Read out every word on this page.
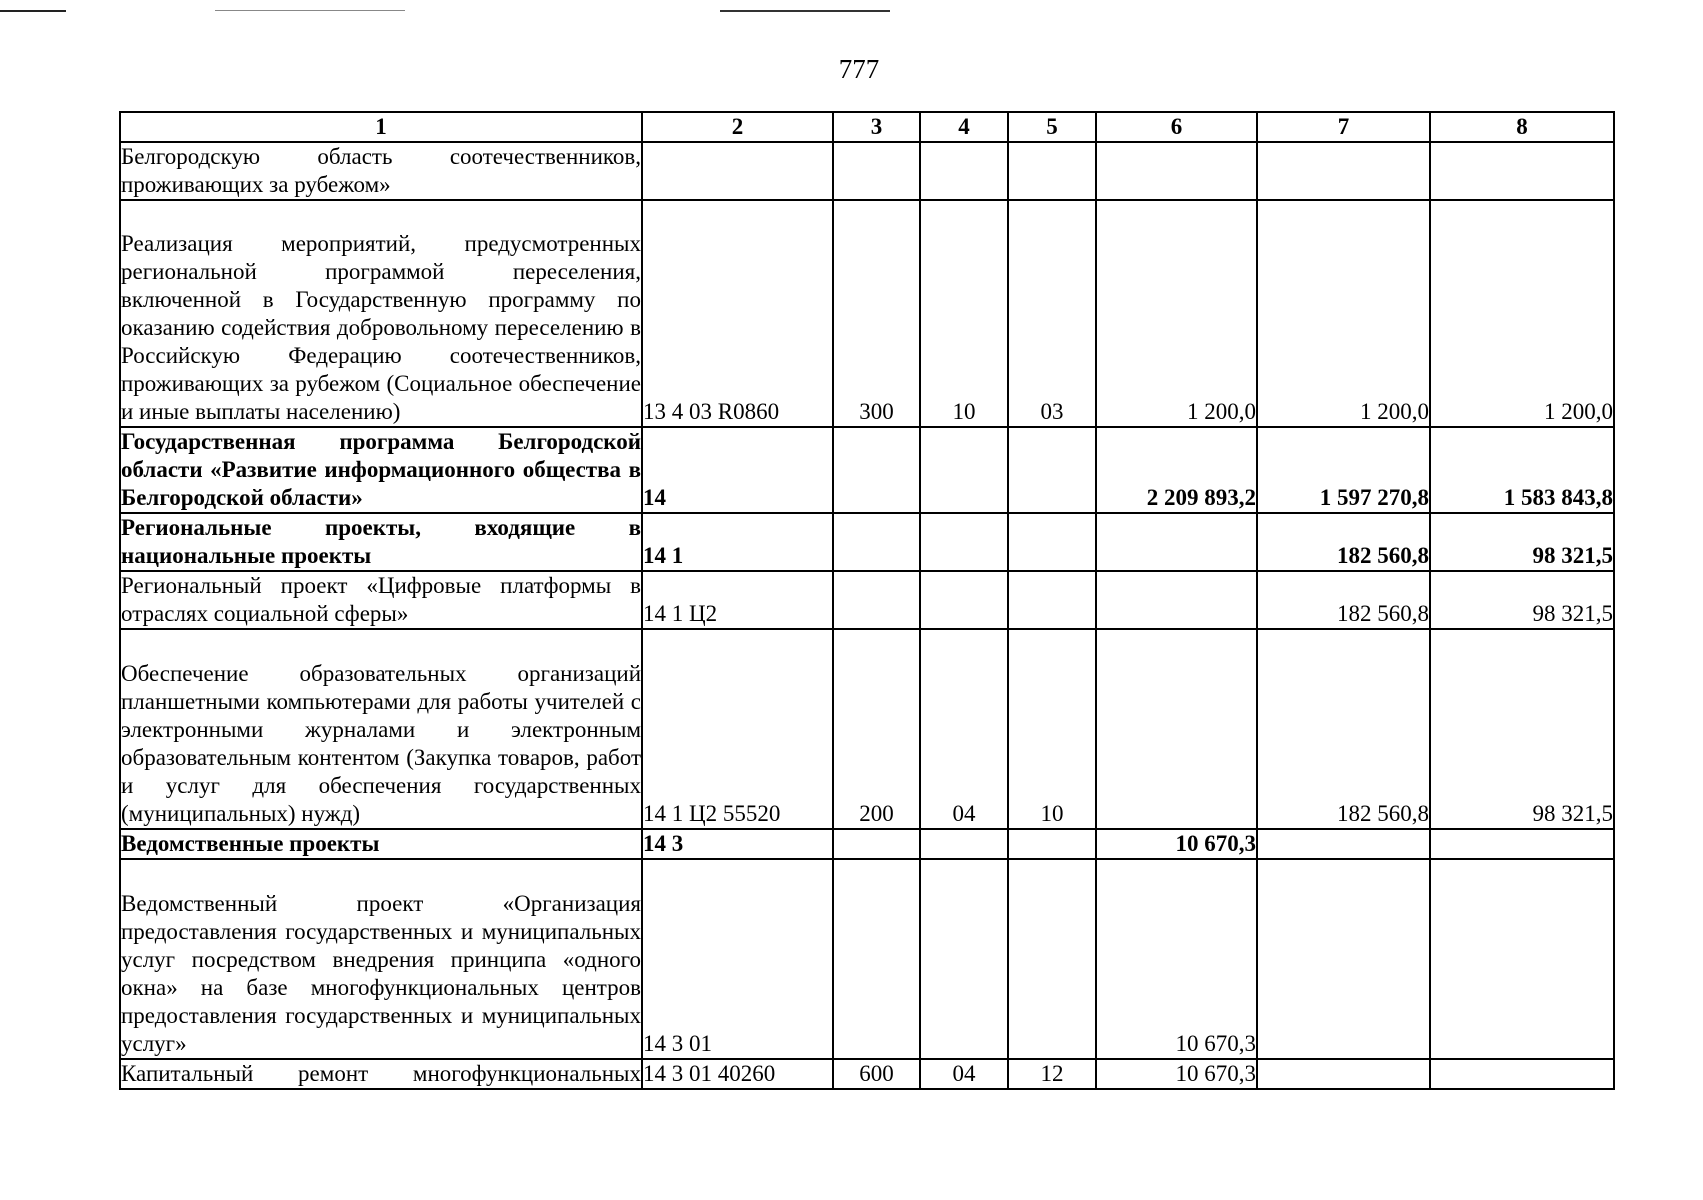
777
1	2	3	4	5	6	7	8
Белгородскую область соотечественников, проживающих за рубежом»							
Реализация мероприятий, предусмотренных региональной программой переселения, включенной в Государственную программу по оказанию содействия добровольному переселению в Российскую Федерацию соотечественников, проживающих за рубежом (Социальное обеспечение и иные выплаты населению)	13 4 03 R0860	300	10	03	1 200,0	1 200,0	1 200,0
Государственная программа Белгородской области «Развитие информационного общества в Белгородской области»	14				2 209 893,2	1 597 270,8	1 583 843,8
Региональные проекты, входящие в национальные проекты	14 1					182 560,8	98 321,5
Региональный проект «Цифровые платформы в отраслях социальной сферы»	14 1 Ц2					182 560,8	98 321,5
Обеспечение образовательных организаций планшетными компьютерами для работы учителей с электронными журналами и электронным образовательным контентом (Закупка товаров, работ и услуг для обеспечения государственных (муниципальных) нужд)	14 1 Ц2 55520	200	04	10		182 560,8	98 321,5
Ведомственные проекты	14 3				10 670,3		
Ведомственный проект «Организация предоставления государственных и муниципальных услуг посредством внедрения принципа «одного окна» на базе многофункциональных центров предоставления государственных и муниципальных услуг»	14 3 01				10 670,3		
Капитальный ремонт многофункциональных	14 3 01 40260	600	04	12	10 670,3		
